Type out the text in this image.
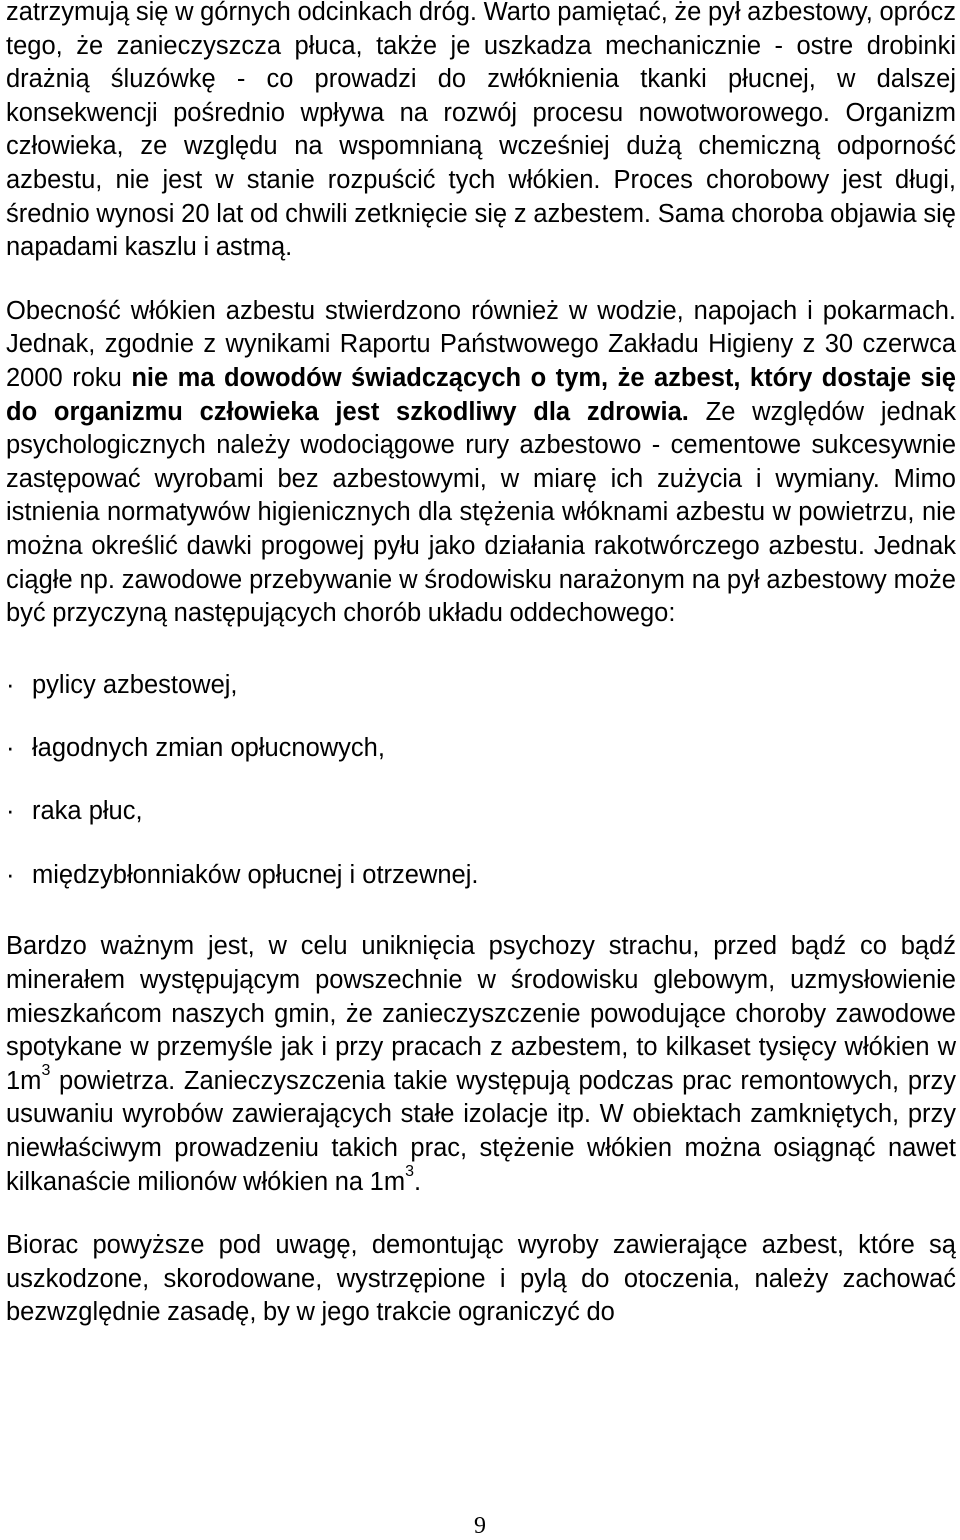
zatrzymują się w górnych odcinkach dróg. Warto pamiętać, że pył azbestowy, oprócz tego, że zanieczyszcza płuca, także je uszkadza mechanicznie - ostre drobinki drażnią śluzówkę - co prowadzi do zwłóknienia tkanki płucnej, w dalszej konsekwencji pośrednio wpływa na rozwój procesu nowotworowego. Organizm człowieka, ze względu na wspomnianą wcześniej dużą chemiczną odporność azbestu, nie jest w stanie rozpuścić tych włókien. Proces chorobowy jest długi, średnio wynosi 20 lat od chwili zetknięcie się z azbestem. Sama choroba objawia się napadami kaszlu i astmą.

Obecność włókien azbestu stwierdzono również w wodzie, napojach i pokarmach. Jednak, zgodnie z wynikami Raportu Państwowego Zakładu Higieny z 30 czerwca 2000 roku nie ma dowodów świadczących o tym, że azbest, który dostaje się do organizmu człowieka jest szkodliwy dla zdrowia. Ze względów jednak psychologicznych należy wodociągowe rury azbestowo - cementowe sukcesywnie zastępować wyrobami bez azbestowymi, w miarę ich zużycia i wymiany. Mimo istnienia normatywów higienicznych dla stężenia włóknami azbestu w powietrzu, nie można określić dawki progowej pyłu jako działania rakotwórczego azbestu. Jednak ciągłe np. zawodowe przebywanie w środowisku narażonym na pył azbestowy może być przyczyną następujących chorób układu oddechowego:

· pylicy azbestowej,
· łagodnych zmian opłucnowych,
· raka płuc,
· międzybłonniaków opłucnej i otrzewnej.

Bardzo ważnym jest, w celu uniknięcia psychozy strachu, przed bądź co bądź minerałem występującym powszechnie w środowisku glebowym, uzmysłowienie mieszkańcom naszych gmin, że zanieczyszczenie powodujące choroby zawodowe spotykane w przemyśle jak i przy pracach z azbestem, to kilkaset tysięcy włókien w $1m^3$ powietrza. Zanieczyszczenia takie występują podczas prac remontowych, przy usuwaniu wyrobów zawierających stałe izolacje itp. W obiektach zamkniętych, przy niewłaściwym prowadzeniu takich prac, stężenie włókien można osiągnąć nawet kilkanaście milionów włókien na $1m^3$.

Biorac powyższe pod uwagę, demontując wyroby zawierające azbest, które są uszkodzone, skorodowane, wystrzępione i pylą do otoczenia, należy zachować bezwzględnie zasadę, by w jego trakcie ograniczyć do

9
